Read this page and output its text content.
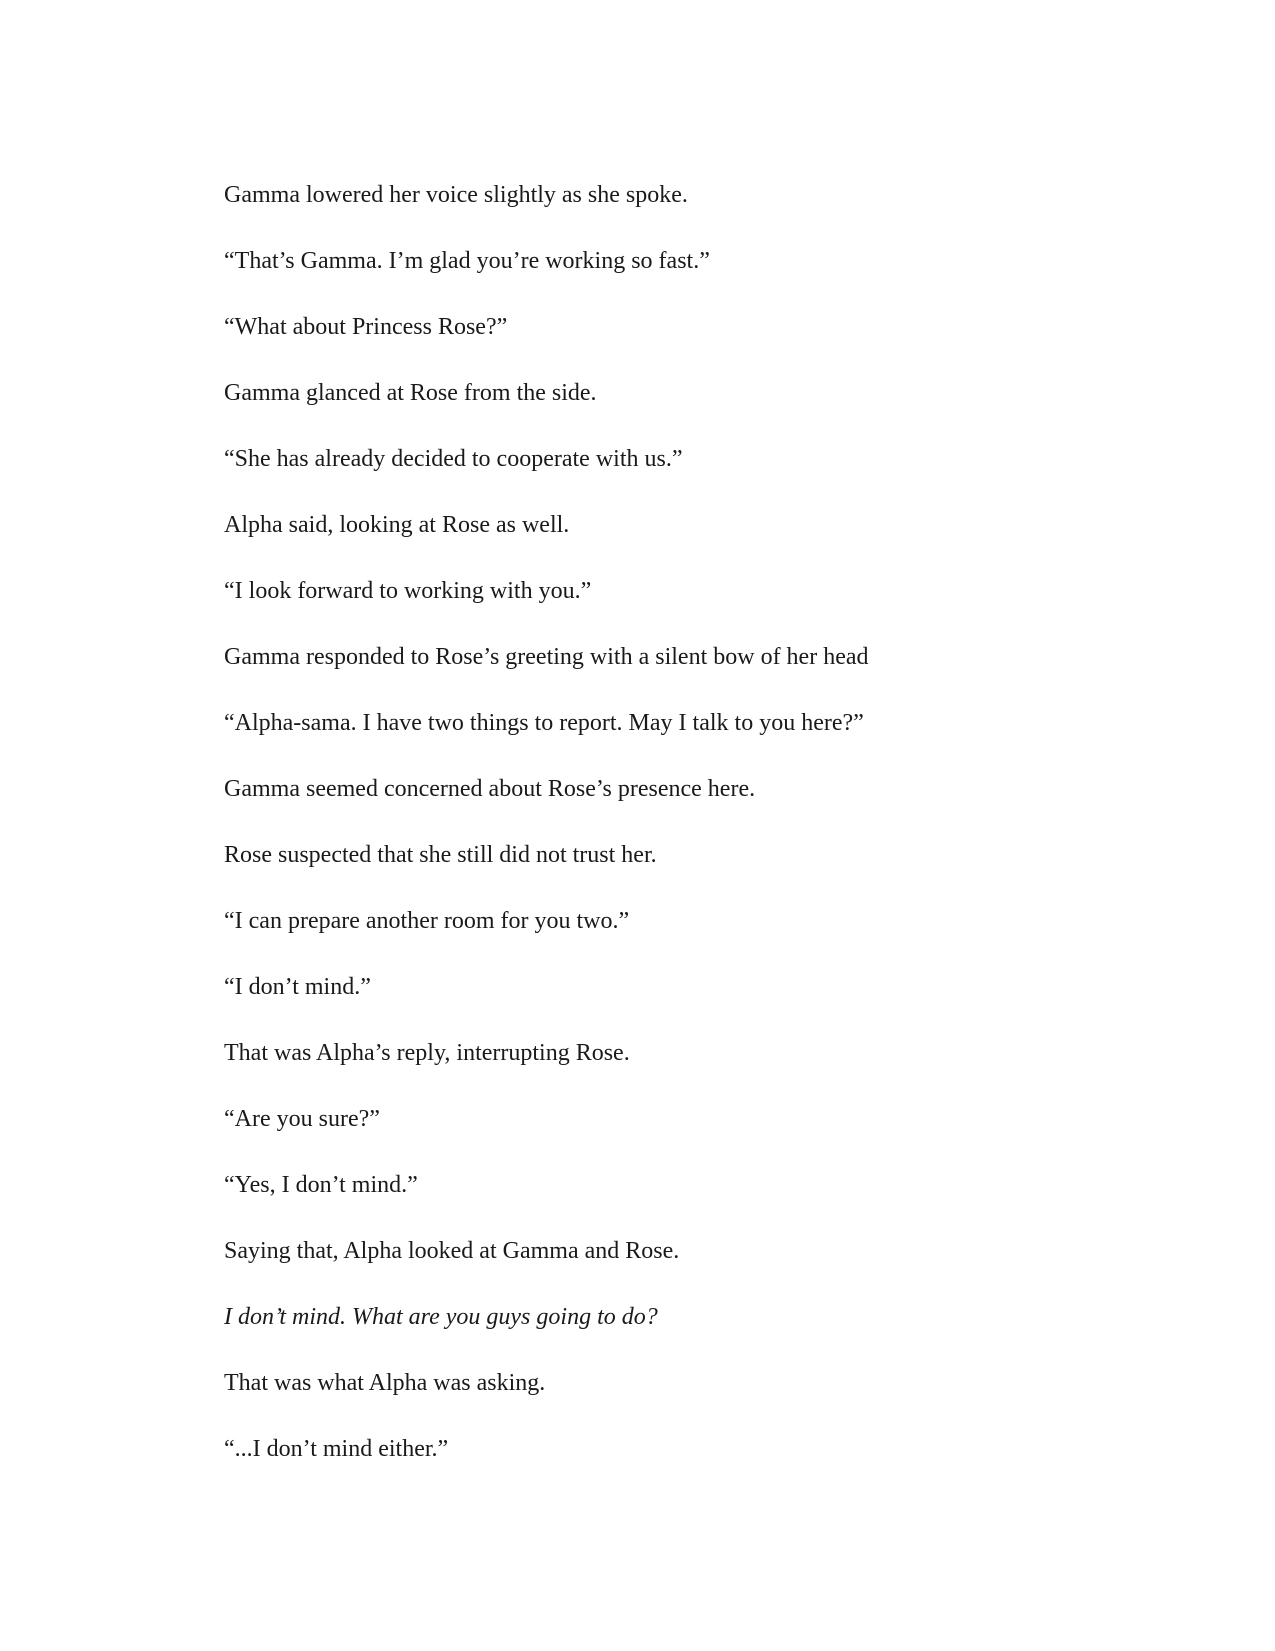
Gamma lowered her voice slightly as she spoke.

“That’s Gamma. I’m glad you’re working so fast.”

“What about Princess Rose?”

Gamma glanced at Rose from the side.

“She has already decided to cooperate with us.”

Alpha said, looking at Rose as well.

“I look forward to working with you.”

Gamma responded to Rose’s greeting with a silent bow of her head

“Alpha-sama. I have two things to report. May I talk to you here?”

Gamma seemed concerned about Rose’s presence here.

Rose suspected that she still did not trust her.

“I can prepare another room for you two.”

“I don’t mind.”

That was Alpha’s reply, interrupting Rose.

“Are you sure?”

“Yes, I don’t mind.”

Saying that, Alpha looked at Gamma and Rose.

I don’t mind. What are you guys going to do?

That was what Alpha was asking.

“...I don’t mind either.”
